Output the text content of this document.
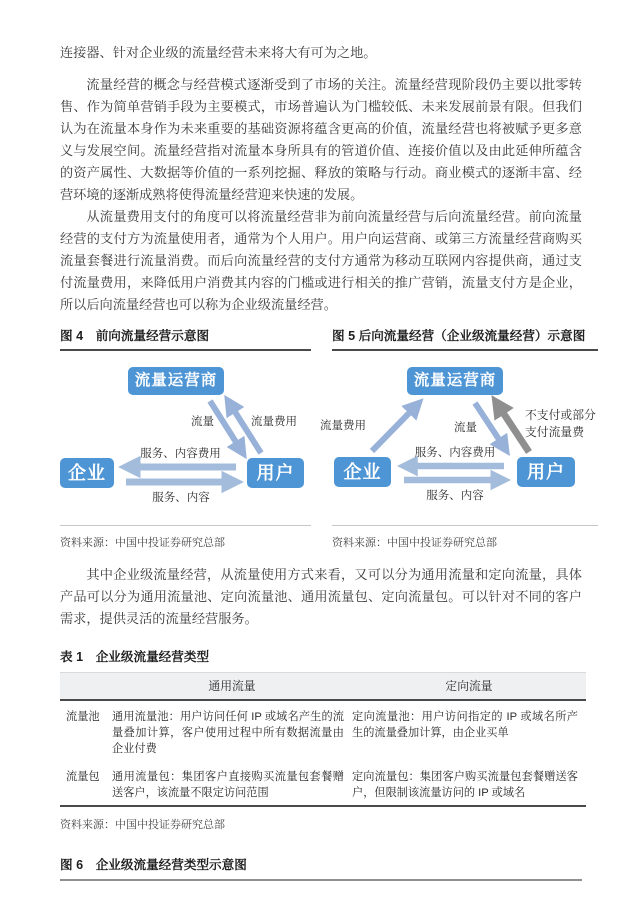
连接器、针对企业级的流量经营未来将大有可为之地。

流量经营的概念与经营模式逐渐受到了市场的关注。流量经营现阶段仍主要以批零转售、作为简单营销手段为主要模式，市场普遍认为门槛较低、未来发展前景有限。但我们认为在流量本身作为未来重要的基础资源将蕴含更高的价值，流量经营也将被赋予更多意义与发展空间。流量经营指对流量本身所具有的管道价值、连接价值以及由此延伸所蕴含的资产属性、大数据等价值的一系列挖掘、释放的策略与行动。商业模式的逐渐丰富、经营环境的逐渐成熟将使得流量经营迎来快速的发展。

从流量费用支付的角度可以将流量经营非为前向流量经营与后向流量经营。前向流量经营的支付方为流量使用者，通常为个人用户。用户向运营商、或第三方流量经营商购买流量套餐进行流量消费。而后向流量经营的支付方通常为移动互联网内容提供商，通过支付流量费用，来降低用户消费其内容的门槛或进行相关的推广营销，流量支付方是企业，所以后向流量经营也可以称为企业级流量经营。

图 4　前向流量经营示意图
流量运营商
企业	用户
流量	流量费用
服务、内容费用
服务、内容
资料来源：中国中投证券研究总部
图 5 后向流量经营（企业级流量经营）示意图
流量运营商
企业	用户
流量费用	流量
不支付或部分
支付流量费
服务、内容费用
服务、内容
资料来源：中国中投证券研究总部

其中企业级流量经营，从流量使用方式来看，又可以分为通用流量和定向流量，具体产品可以分为通用流量池、定向流量池、通用流量包、定向流量包。可以针对不同的客户需求，提供灵活的流量经营服务。

表 1　企业级流量经营类型
	通用流量	定向流量
流量池	通用流量池：用户访问任何 IP 或域名产生的流量叠加计算，客户使用过程中所有数据流量由企业付费	定向流量池：用户访问指定的 IP 或域名所产生的流量叠加计算，由企业买单
流量包	通用流量包：集团客户直接购买流量包套餐赠送客户，该流量不限定访问范围	定向流量包：集团客户购买流量包套餐赠送客户，但限制该流量访问的 IP 或域名
资料来源：中国中投证券研究总部
图 6　企业级流量经营类型示意图
